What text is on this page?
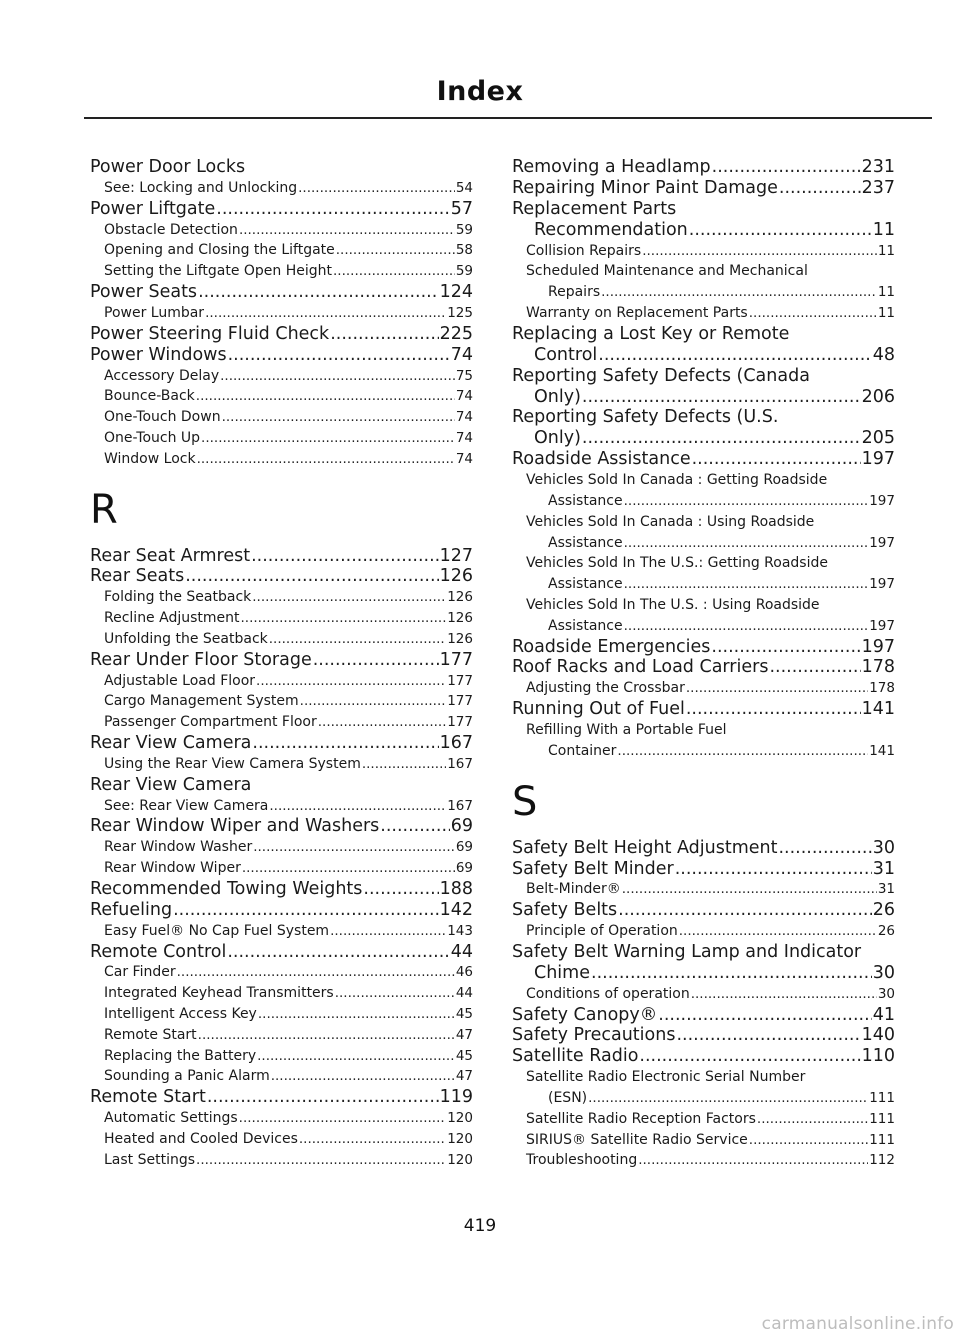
Index
Power Door Locks
See: Locking and Unlocking .....	54
Power Liftgate .....	57
Obstacle Detection .....	59
Opening and Closing the Liftgate .....	58
Setting the Liftgate Open Height .....	59
Power Seats .....	124
Power Lumbar .....	125
Power Steering Fluid Check .....	225
Power Windows .....	74
Accessory Delay .....	75
Bounce-Back .....	74
One-Touch Down .....	74
One-Touch Up .....	74
Window Lock .....	74
R
Rear Seat Armrest .....	127
Rear Seats .....	126
Folding the Seatback .....	126
Recline Adjustment .....	126
Unfolding the Seatback .....	126
Rear Under Floor Storage .....	177
Adjustable Load Floor .....	177
Cargo Management System .....	177
Passenger Compartment Floor .....	177
Rear View Camera .....	167
Using the Rear View Camera System .....	167
Rear View Camera
See: Rear View Camera .....	167
Rear Window Wiper and Washers .....	69
Rear Window Washer .....	69
Rear Window Wiper .....	69
Recommended Towing Weights .....	188
Refueling .....	142
Easy Fuel® No Cap Fuel System .....	143
Remote Control .....	44
Car Finder .....	46
Integrated Keyhead Transmitters .....	44
Intelligent Access Key .....	45
Remote Start .....	47
Replacing the Battery .....	45
Sounding a Panic Alarm .....	47
Remote Start .....	119
Automatic Settings .....	120
Heated and Cooled Devices .....	120
Last Settings .....	120
Removing a Headlamp .....	231
Repairing Minor Paint Damage .....	237
Replacement Parts
Recommendation .....	11
Collision Repairs .....	11
Scheduled Maintenance and Mechanical
Repairs .....	11
Warranty on Replacement Parts .....	11
Replacing a Lost Key or Remote
Control .....	48
Reporting Safety Defects (Canada
Only) .....	206
Reporting Safety Defects (U.S.
Only) .....	205
Roadside Assistance .....	197
Vehicles Sold In Canada : Getting Roadside
Assistance .....	197
Vehicles Sold In Canada : Using Roadside
Assistance .....	197
Vehicles Sold In The U.S.: Getting Roadside
Assistance .....	197
Vehicles Sold In The U.S. : Using Roadside
Assistance .....	197
Roadside Emergencies .....	197
Roof Racks and Load Carriers .....	178
Adjusting the Crossbar .....	178
Running Out of Fuel .....	141
Refilling With a Portable Fuel
Container .....	141
S
Safety Belt Height Adjustment .....	30
Safety Belt Minder .....	31
Belt-Minder® .....	31
Safety Belts .....	26
Principle of Operation .....	26
Safety Belt Warning Lamp and Indicator
Chime .....	30
Conditions of operation .....	30
Safety Canopy® .....	41
Safety Precautions .....	140
Satellite Radio .....	110
Satellite Radio Electronic Serial Number
(ESN) .....	111
Satellite Radio Reception Factors .....	111
SIRIUS® Satellite Radio Service .....	111
Troubleshooting .....	112
419
carmanualsonline.info
